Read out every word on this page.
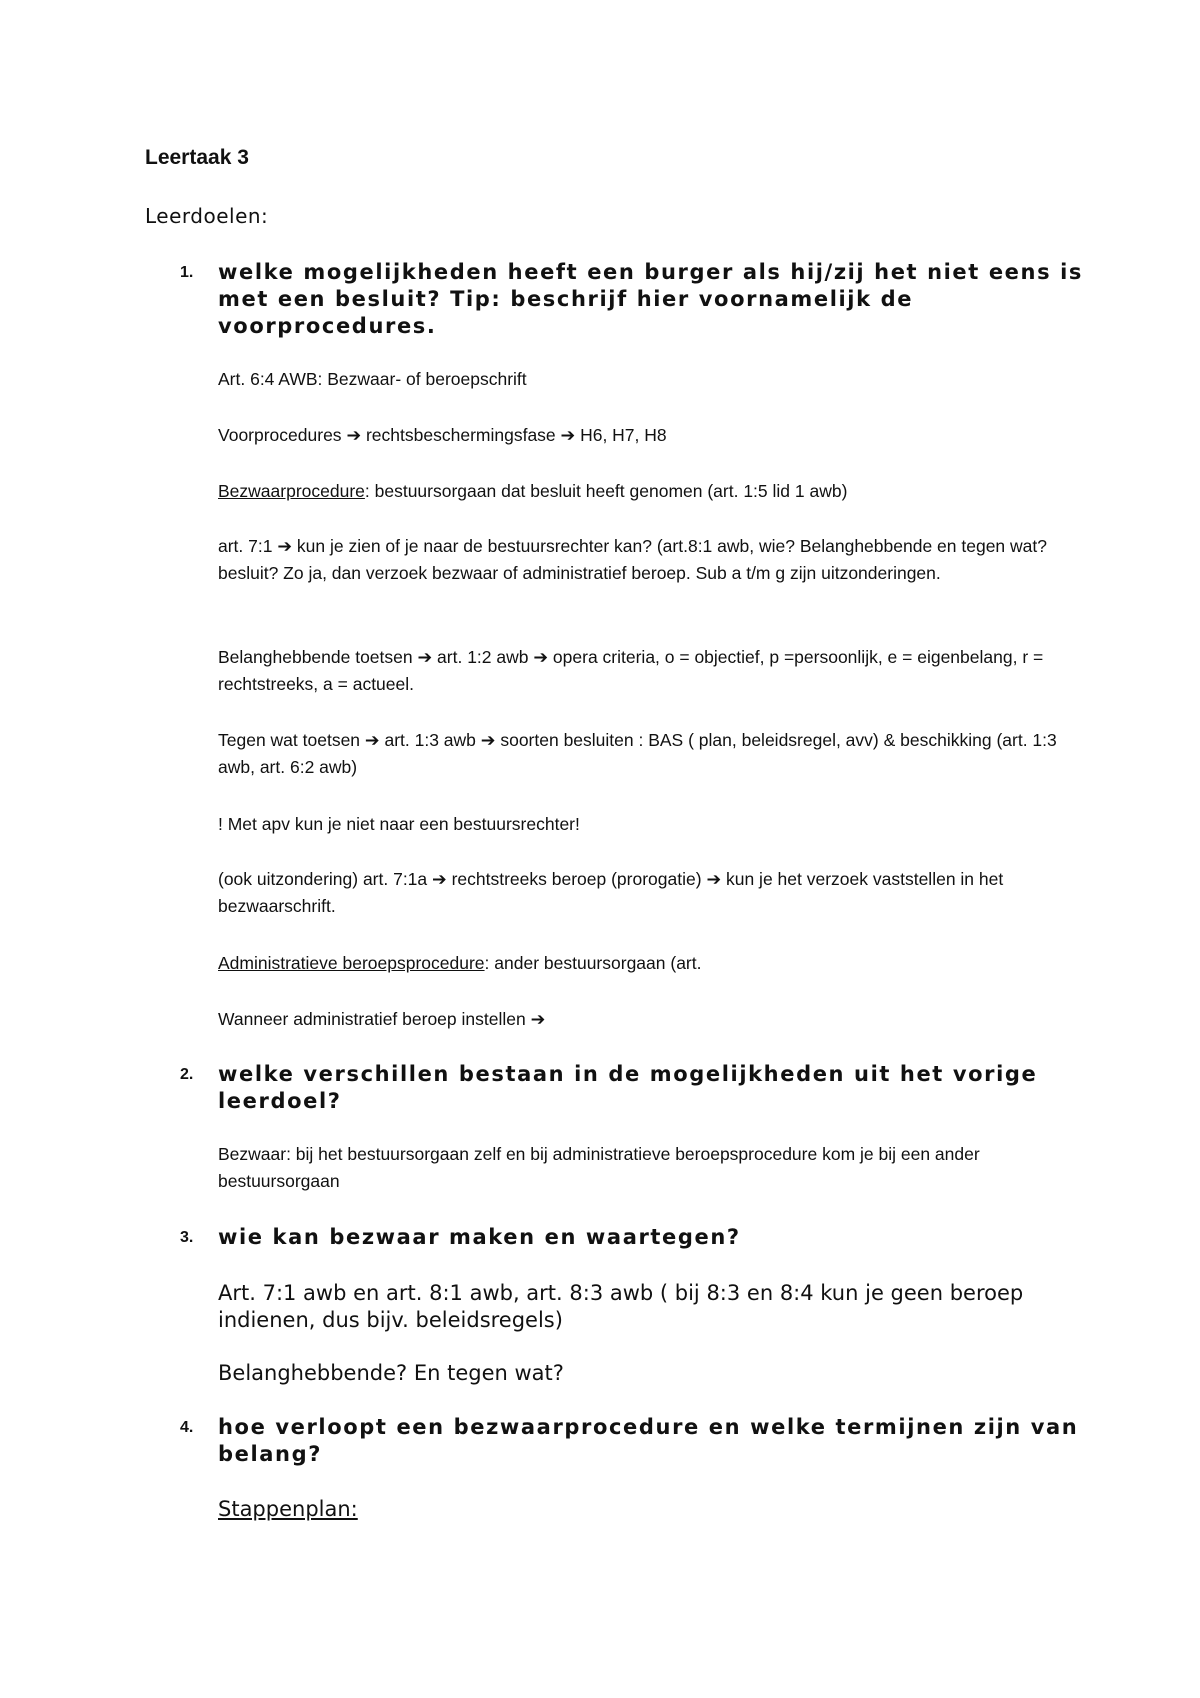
Leertaak 3
Leerdoelen:
1. welke mogelijkheden heeft een burger als hij/zij het niet eens is met een besluit? Tip: beschrijf hier voornamelijk de voorprocedures.
Art. 6:4 AWB: Bezwaar- of beroepschrift
Voorprocedures ➔ rechtsbeschermingsfase ➔ H6, H7, H8
Bezwaarprocedure: bestuursorgaan dat besluit heeft genomen (art. 1:5 lid 1 awb)
art. 7:1 ➔ kun je zien of je naar de bestuursrechter kan? (art.8:1 awb, wie? Belanghebbende en tegen wat? besluit? Zo ja, dan verzoek bezwaar of administratief beroep. Sub a t/m g zijn uitzonderingen.
Belanghebbende toetsen ➔ art. 1:2 awb ➔ opera criteria, o = objectief, p =persoonlijk, e = eigenbelang, r = rechtstreeks, a = actueel.
Tegen wat toetsen ➔ art. 1:3 awb ➔ soorten besluiten : BAS ( plan, beleidsregel, avv) & beschikking (art. 1:3 awb, art. 6:2 awb)
! Met apv kun je niet naar een bestuursrechter!
(ook uitzondering) art. 7:1a ➔ rechtstreeks beroep (prorogatie) ➔ kun je het verzoek vaststellen in het bezwaarschrift.
Administratieve beroepsprocedure: ander bestuursorgaan (art.
Wanneer administratief beroep instellen ➔
2. welke verschillen bestaan in de mogelijkheden uit het vorige leerdoel?
Bezwaar: bij het bestuursorgaan zelf en bij administratieve beroepsprocedure kom je bij een ander bestuursorgaan
3. wie kan bezwaar maken en waartegen?
Art. 7:1 awb en art. 8:1 awb, art. 8:3 awb ( bij 8:3 en 8:4 kun je geen beroep indienen, dus bijv. beleidsregels)
Belanghebbende? En tegen wat?
4. hoe verloopt een bezwaarprocedure en welke termijnen zijn van belang?
Stappenplan:
